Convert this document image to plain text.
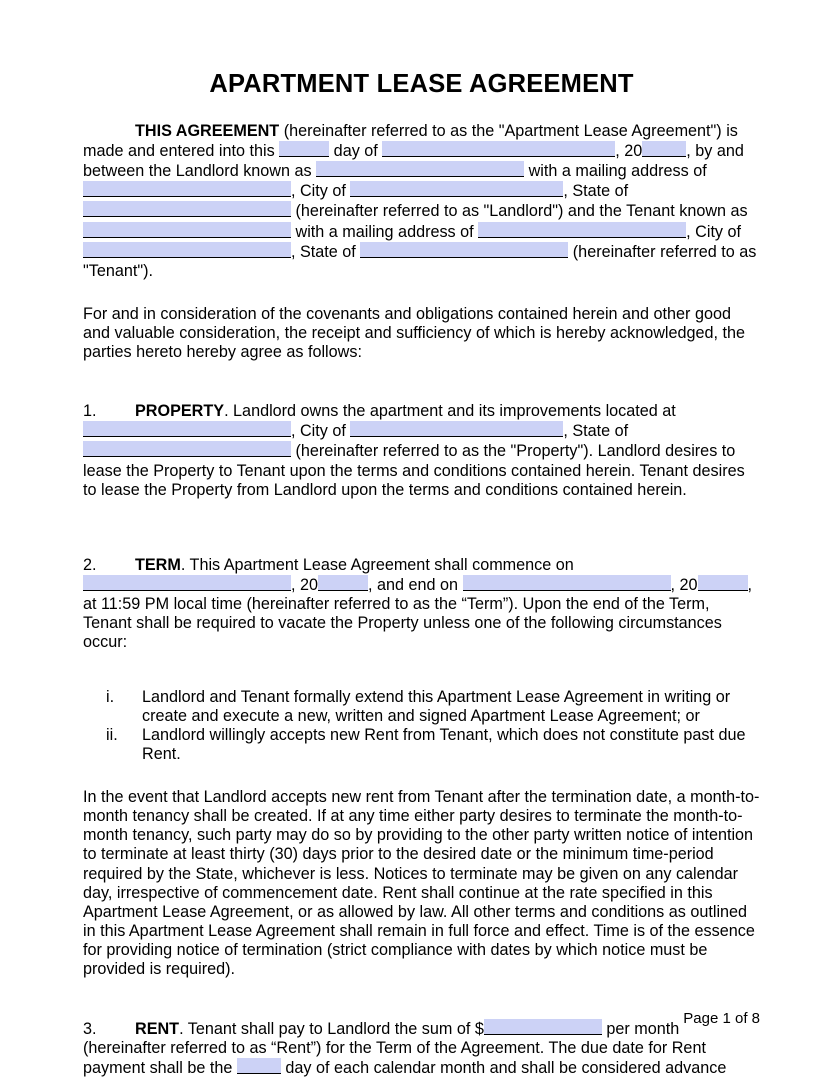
APARTMENT LEASE AGREEMENT

THIS AGREEMENT (hereinafter referred to as the "Apartment Lease Agreement") is made and entered into this	day of	, 20	, by and between the Landlord known as	with a mailing address of , City of	, State of  (hereinafter referred to as "Landlord") and the Tenant known as  with a mailing address of	, City of , State of	(hereinafter referred to as "Tenant").

For and in consideration of the covenants and obligations contained herein and other good and valuable consideration, the receipt and sufficiency of which is hereby acknowledged, the parties hereto hereby agree as follows:

1. PROPERTY. Landlord owns the apartment and its improvements located at , City of	, State of  (hereinafter referred to as the "Property"). Landlord desires to lease the Property to Tenant upon the terms and conditions contained herein. Tenant desires to lease the Property from Landlord upon the terms and conditions contained herein.

2. TERM. This Apartment Lease Agreement shall commence on , 20	, and end on	, 20	, at 11:59 PM local time (hereinafter referred to as the “Term”). Upon the end of the Term, Tenant shall be required to vacate the Property unless one of the following circumstances occur:

i.	Landlord and Tenant formally extend this Apartment Lease Agreement in writing or create and execute a new, written and signed Apartment Lease Agreement; or
ii.	Landlord willingly accepts new Rent from Tenant, which does not constitute past due Rent.

In the event that Landlord accepts new rent from Tenant after the termination date, a month-to-month tenancy shall be created. If at any time either party desires to terminate the month-to-month tenancy, such party may do so by providing to the other party written notice of intention to terminate at least thirty (30) days prior to the desired date or the minimum time-period required by the State, whichever is less. Notices to terminate may be given on any calendar day, irrespective of commencement date. Rent shall continue at the rate specified in this Apartment Lease Agreement, or as allowed by law. All other terms and conditions as outlined in this Apartment Lease Agreement shall remain in full force and effect. Time is of the essence for providing notice of termination (strict compliance with dates by which notice must be provided is required).

3. RENT. Tenant shall pay to Landlord the sum of $	per month (hereinafter referred to as “Rent”) for the Term of the Agreement. The due date for Rent payment shall be the	day of each calendar month and shall be considered advance

Page 1 of 8
